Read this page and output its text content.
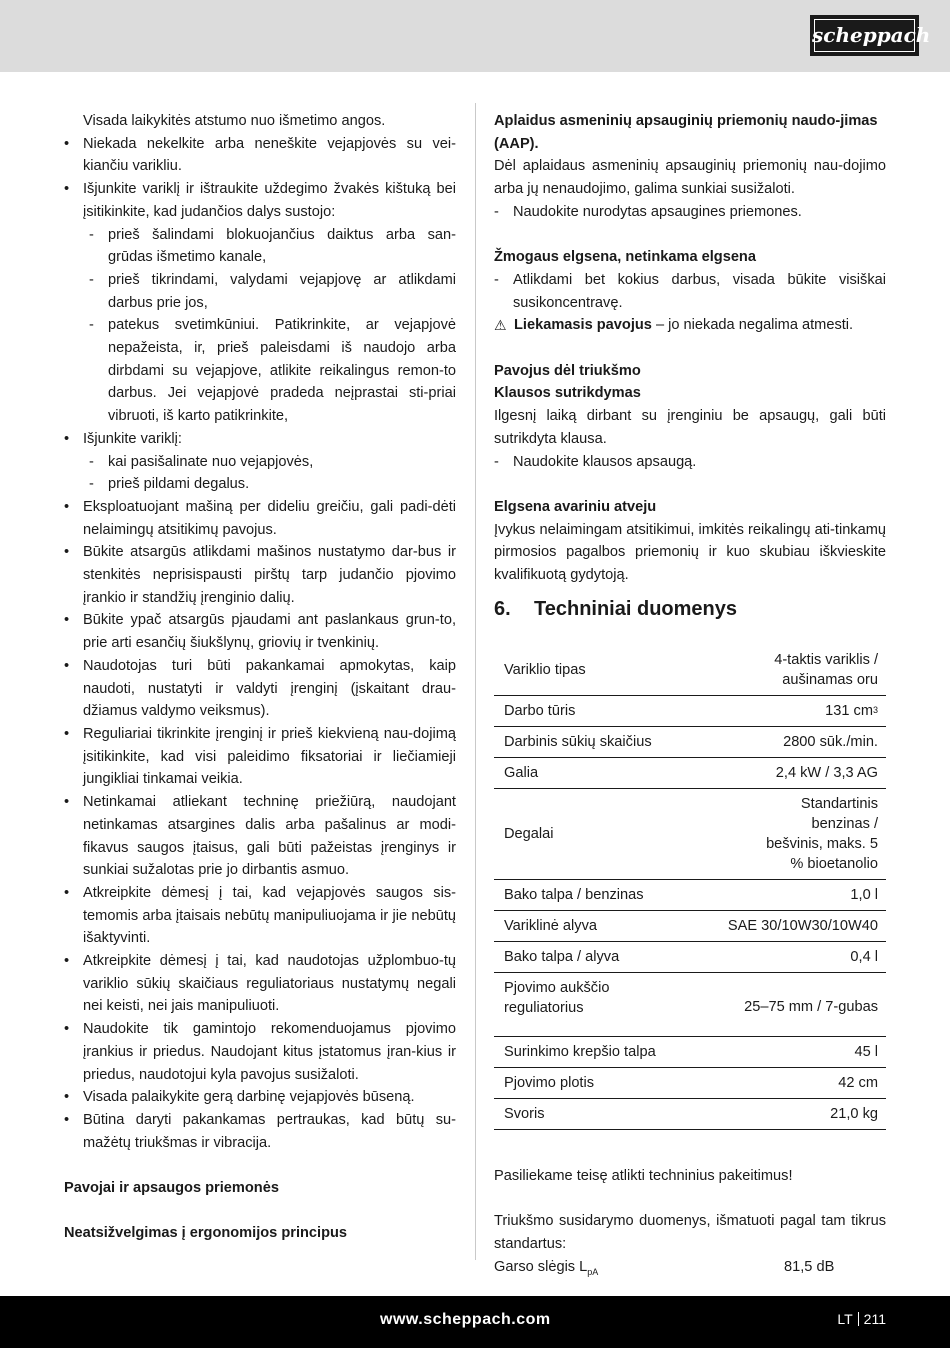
scheppach
Visada laikykitės atstumo nuo išmetimo angos.
• Niekada nekelkite arba neneškite vejapjovės su vei-kiančiu varikliu.
• Išjunkite variklį ir ištraukite uždegimo žvakės kištuką bei įsitikinkite, kad judančios dalys sustojo:
- prieš šalindami blokuojančius daiktus arba san-grūdas išmetimo kanale,
- prieš tikrindami, valydami vejapjovę ar atlikdami darbus prie jos,
- patekus svetimkūniui. Patikrinkite, ar vejapjovė nepažeista, ir, prieš paleisdami iš naudojo arba dirbdami su vejapjove, atlikite reikalingus remon-to darbus. Jei vejapjovė pradeda neįprastai sti-priai vibruoti, iš karto patikrinkite,
• Išjunkite variklį:
- kai pasišalinate nuo vejapjovės,
- prieš pildami degalus.
• Eksploatuojant mašiną per dideliu greičiu, gali padi-dėti nelaimingų atsitikimų pavojus.
• Būkite atsargūs atlikdami mašinos nustatymo dar-bus ir stenkitės neprisispausti pirštų tarp judančio pjovimo įrankio ir standžių įrenginio dalių.
• Būkite ypač atsargūs pjaudami ant paslankaus grun-to, prie arti esančių šiukšlynų, griovių ir tvenkinių.
• Naudotojas turi būti pakankamai apmokytas, kaip naudoti, nustatyti ir valdyti įrenginį (įskaitant drau-džiamus valdymo veiksmus).
• Reguliariai tikrinkite įrenginį ir prieš kiekvieną nau-dojimą įsitikinkite, kad visi paleidimo fiksatoriai ir liečiamieji jungikliai tinkamai veikia.
• Netinkamai atliekant techninę priežiūrą, naudojant netinkamas atsargines dalis arba pašalinus ar modi-fikavus saugos įtaisus, gali būti pažeistas įrenginys ir sunkiai sužalotas prie jo dirbantis asmuo.
• Atkreipkite dėmesį į tai, kad vejapjovės saugos sis-temomis arba įtaisais nebūtų manipuliuojama ir jie nebūtų išaktyvinti.
• Atkreipkite dėmesį į tai, kad naudotojas užplombuo-tų variklio sūkių skaičiaus reguliatoriaus nustatymų negali nei keisti, nei jais manipuliuoti.
• Naudokite tik gamintojo rekomenduojamus pjovimo įrankius ir priedus. Naudojant kitus įstatomus įran-kius ir priedus, naudotojui kyla pavojus susižaloti.
• Visada palaikykite gerą darbinę vejapjovės būseną.
• Būtina daryti pakankamas pertraukas, kad būtų su-mažėtų triukšmas ir vibracija.
Pavojai ir apsaugos priemonės
Neatsižvelgimas į ergonomijos principus
Aplaidus asmeninių apsauginių priemonių naudo-jimas (AAP).
Dėl aplaidaus asmeninių apsauginių priemonių nau-dojimo arba jų nenaudojimo, galima sunkiai susižaloti.
- Naudokite nurodytas apsaugines priemones.
Žmogaus elgsena, netinkama elgsena
- Atlikdami bet kokius darbus, visada būkite visiškai susikoncentravę.
⚠ Liekamasis pavojus – jo niekada negalima atmesti.
Pavojus dėl triukšmo
Klausos sutrikdymas
Ilgesnį laiką dirbant su įrenginiu be apsaugų, gali būti sutrikdyta klausa.
- Naudokite klausos apsaugą.
Elgsena avariniu atveju
Įvykus nelaimingam atsitikimui, imkitės reikalingų ati-tinkamų pirmosios pagalbos priemonių ir kuo skubiau iškvieskite kvalifikuotą gydytoją.
6.	Techniniai duomenys
Variklio tipas	4-taktis variklis / aušinamas oru
Darbo tūris	131 $cm^3$
Darbinis sūkių skaičius	2800 sūk./min.
Galia	2,4 kW / 3,3 AG
Degalai	Standartinis benzinas / bešvinis, maks. 5 % bioetanolio
Bako talpa / benzinas	1,0 l
Variklinė alyva	SAE 30/10W30/10W40
Bako talpa / alyva	0,4 l
Pjovimo aukščio reguliatorius	25–75 mm / 7-gubas
Surinkimo krepšio talpa	45 l
Pjovimo plotis	42 cm
Svoris	21,0 kg
Pasiliekame teisę atlikti techninius pakeitimus!
Triukšmo susidarymo duomenys, išmatuoti pagal tam tikrus standartus:
Garso slėgis $L_{pA}$	81,5 dB
www.scheppach.com	LT 211
